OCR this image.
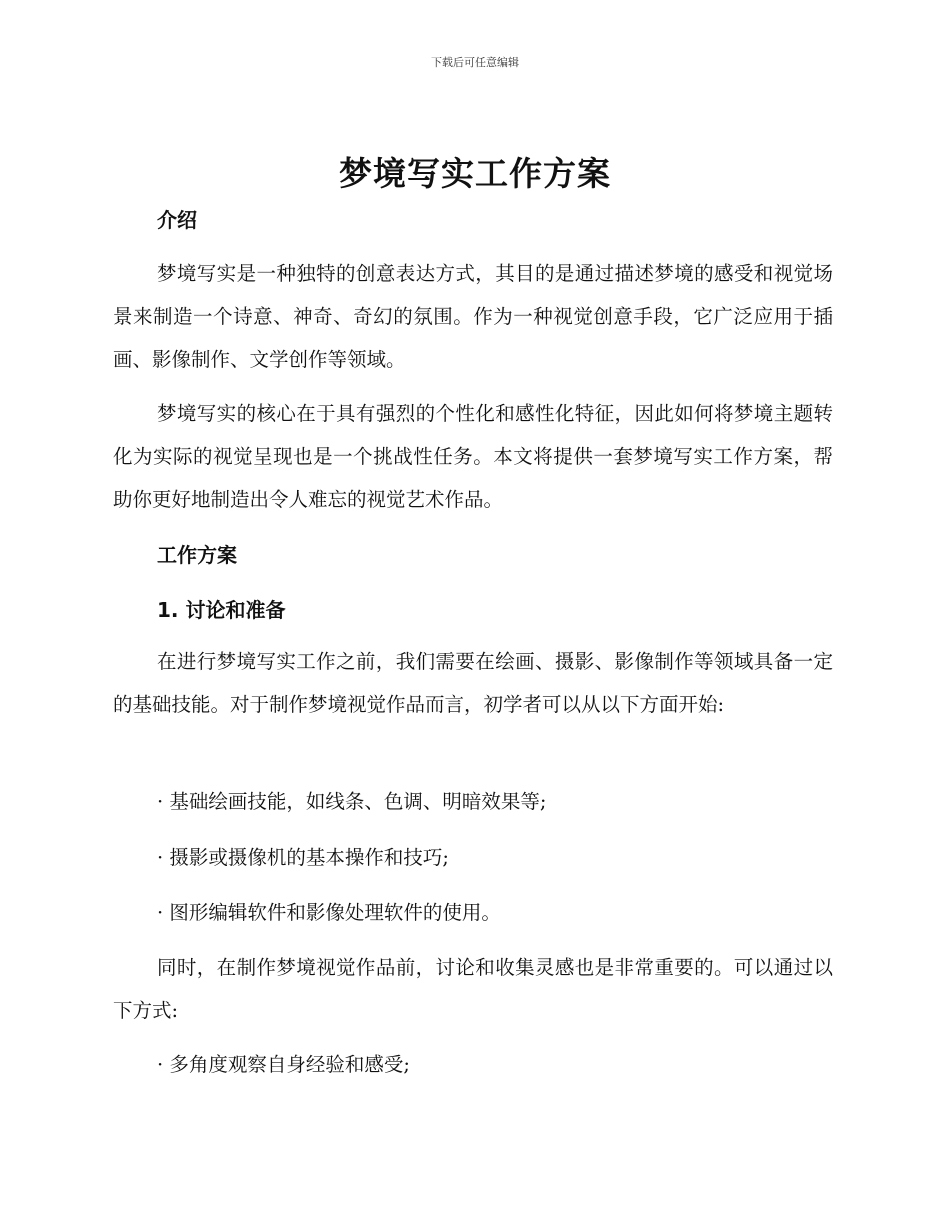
下载后可任意编辑
梦境写实工作方案
介绍

梦境写实是一种独特的创意表达方式，其目的是通过描述梦境的感受和视觉场景来制造一个诗意、神奇、奇幻的氛围。作为一种视觉创意手段，它广泛应用于插画、影像制作、文学创作等领域。

梦境写实的核心在于具有强烈的个性化和感性化特征，因此如何将梦境主题转化为实际的视觉呈现也是一个挑战性任务。本文将提供一套梦境写实工作方案，帮助你更好地制造出令人难忘的视觉艺术作品。

工作方案
1. 讨论和准备

在进行梦境写实工作之前，我们需要在绘画、摄影、影像制作等领域具备一定的基础技能。对于制作梦境视觉作品而言，初学者可以从以下方面开始:

· 基础绘画技能，如线条、色调、明暗效果等;

· 摄影或摄像机的基本操作和技巧;

· 图形编辑软件和影像处理软件的使用。

同时，在制作梦境视觉作品前，讨论和收集灵感也是非常重要的。可以通过以下方式:

· 多角度观察自身经验和感受;
